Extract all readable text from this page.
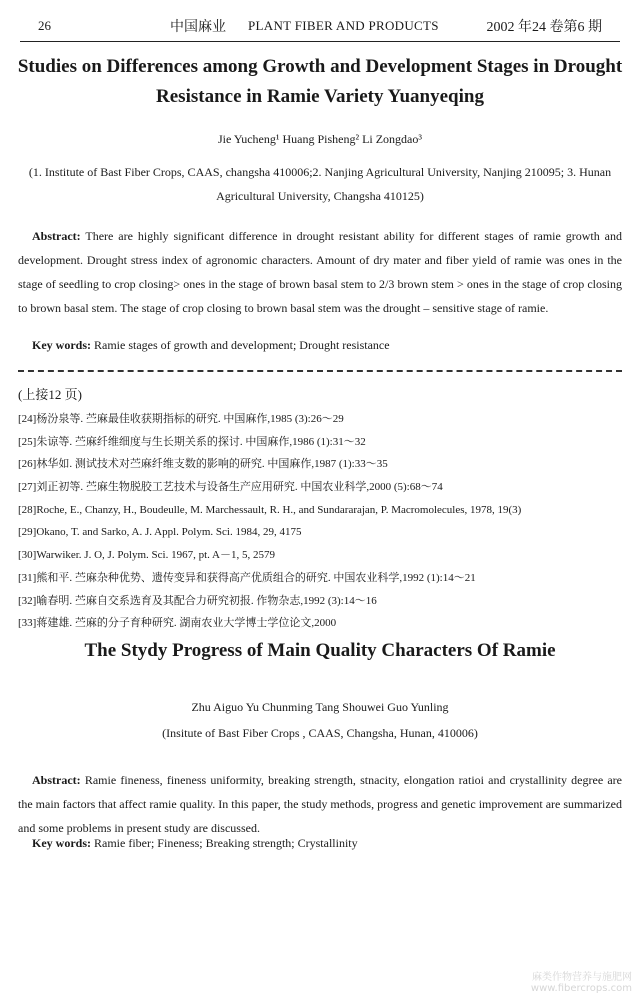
26	中国麻业 PLANT FIBER AND PRODUCTS	2002 年24 卷第6 期
Studies on Differences among Growth and Development Stages in Drought Resistance in Ramie Variety Yuanyeqing
Jie Yucheng¹ Huang Pisheng² Li Zongdao³
(1. Institute of Bast Fiber Crops, CAAS, changsha 410006;2. Nanjing Agricultural University, Nanjing 210095; 3. Hunan Agricultural University, Changsha 410125)

Abstract: There are highly significant difference in drought resistant ability for different stages of ramie growth and development. Drought stress index of agronomic characters. Amount of dry mater and fiber yield of ramie was ones in the stage of seedling to crop closing> ones in the stage of brown basal stem to 2/3 brown stem > ones in the stage of crop closing to brown basal stem. The stage of crop closing to brown basal stem was the drought – sensitive stage of ramie.

Key words: Ramie stages of growth and development; Drought resistance

(上接12 页)
[24]杨汾泉等. 苎麻最佳收获期指标的研究. 中国麻作,1985 (3):26～29
[25]朱谅等. 苎麻纤维细度与生长期关系的探讨. 中国麻作,1986 (1):31～32
[26]林华如. 测试技术对苎麻纤维支数的影响的研究. 中国麻作,1987 (1):33～35
[27]刘正初等. 苎麻生物脱胶工艺技术与设备生产应用研究. 中国农业科学,2000 (5):68～74
[28]Roche, E., Chanzy, H., Boudeulle, M. Marchessault, R. H., and Sundararajan, P. Macromolecules, 1978, 19(3)
[29]Okano, T. and Sarko, A. J. Appl. Polym. Sci. 1984, 29, 4175
[30]Warwiker. J. O, J. Polym. Sci. 1967, pt. A－1, 5, 2579
[31]熊和平. 苎麻杂种优势、遗传变异和获得高产优质组合的研究. 中国农业科学,1992 (1):14～21
[32]喻春明. 苎麻自交系选育及其配合力研究初报. 作物杂志,1992 (3):14～16
[33]蒋建雄. 苎麻的分子育种研究. 湖南农业大学博士学位论文,2000
The Stydy Progress of Main Quality Characters Of Ramie
Zhu Aiguo Yu Chunming Tang Shouwei Guo Yunling
(Insitute of Bast Fiber Crops , CAAS, Changsha, Hunan, 410006)

Abstract: Ramie fineness, fineness uniformity, breaking strength, stnacity, elongation ratioi and crystallinity degree are the main factors that affect ramie quality. In this paper, the study methods, progress and genetic improvement are summarized and some problems in present study are discussed.

Key words: Ramie fiber; Fineness; Breaking strength; Crystallinity

麻类作物营养与施肥网
www.fibercrops.com
